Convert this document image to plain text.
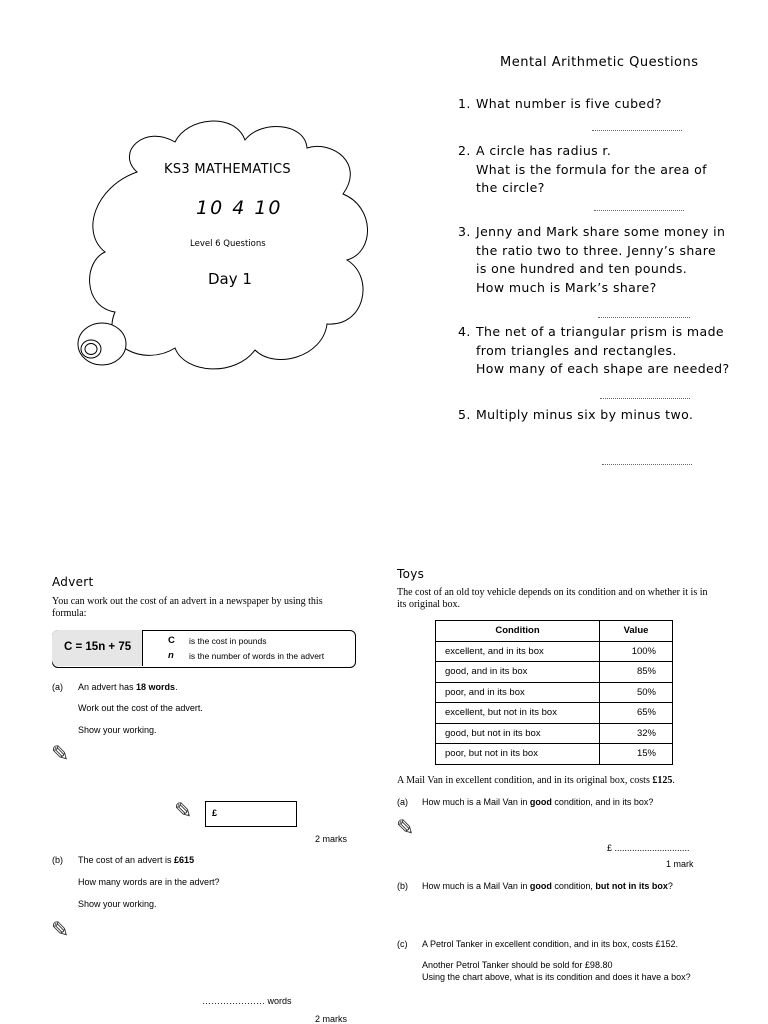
Mental Arithmetic Questions
1. What number is five cubed?
2. A circle has radius r.
What is the formula for the area of
the circle?
3. Jenny and Mark share some money in
the ratio two to three. Jenny’s share
is one hundred and ten pounds.
How much is Mark’s share?
4. The net of a triangular prism is made
from triangles and rectangles.
How many of each shape are needed?
5. Multiply minus six by minus two.
KS3 MATHEMATICS
10 4 10
Level 6 Questions
Day 1
Advert
You can work out the cost of an advert in a newspaper by using this formula:
C = 15n + 75
C is the cost in pounds
n is the number of words in the advert
(a) An advert has 18 words.
Work out the cost of the advert.
Show your working.
✎
✎ £
2 marks
(b) The cost of an advert is £615
How many words are in the advert?
Show your working.
✎
………………… words
2 marks
Toys
The cost of an old toy vehicle depends on its condition and on whether it is in its original box.
Condition	Value
excellent, and in its box	100%
good, and in its box	85%
poor, and in its box	50%
excellent, but not in its box	65%
good, but not in its box	32%
poor, but not in its box	15%
A Mail Van in excellent condition, and in its original box, costs £125.
(a) How much is a Mail Van in good condition, and in its box?
✎
£ ..............................
1 mark
(b) How much is a Mail Van in good condition, but not in its box?
(c) A Petrol Tanker in excellent condition, and in its box, costs £152.
Another Petrol Tanker should be sold for £98.80
Using the chart above, what is its condition and does it have a box?
